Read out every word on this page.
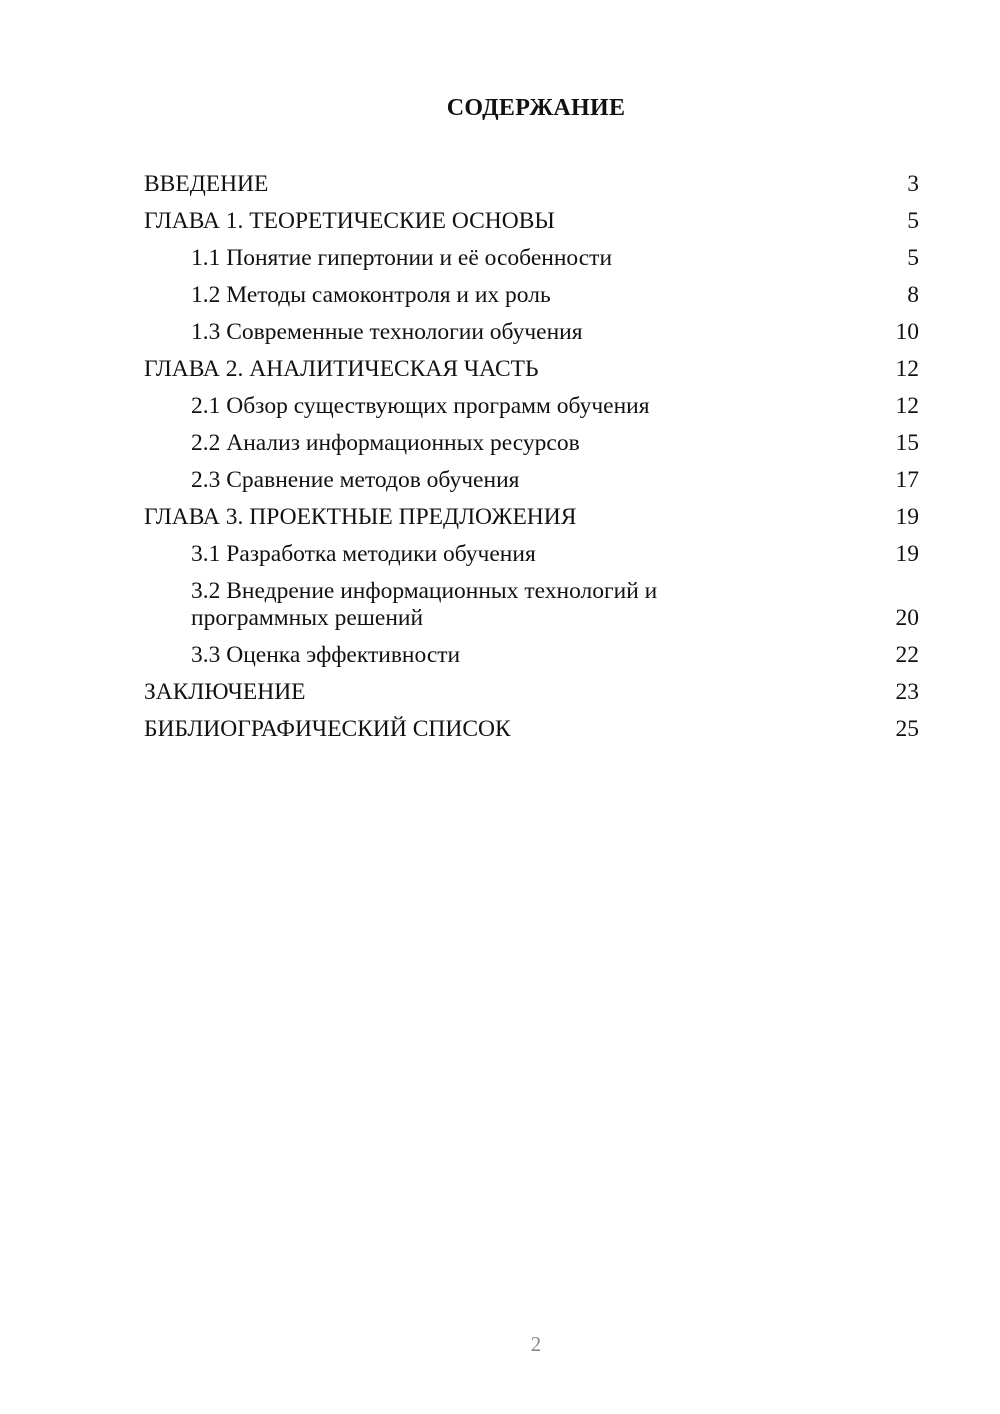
СОДЕРЖАНИЕ
ВВЕДЕНИЕ	3
ГЛАВА 1. ТЕОРЕТИЧЕСКИЕ ОСНОВЫ	5
1.1 Понятие гипертонии и её особенности	5
1.2 Методы самоконтроля и их роль	8
1.3 Современные технологии обучения	10
ГЛАВА 2. АНАЛИТИЧЕСКАЯ ЧАСТЬ	12
2.1 Обзор существующих программ обучения	12
2.2 Анализ информационных ресурсов	15
2.3 Сравнение методов обучения	17
ГЛАВА 3. ПРОЕКТНЫЕ ПРЕДЛОЖЕНИЯ	19
3.1 Разработка методики обучения	19
3.2 Внедрение информационных технологий и
программных решений	20
3.3 Оценка эффективности	22
ЗАКЛЮЧЕНИЕ	23
БИБЛИОГРАФИЧЕСКИЙ СПИСОК	25
2
